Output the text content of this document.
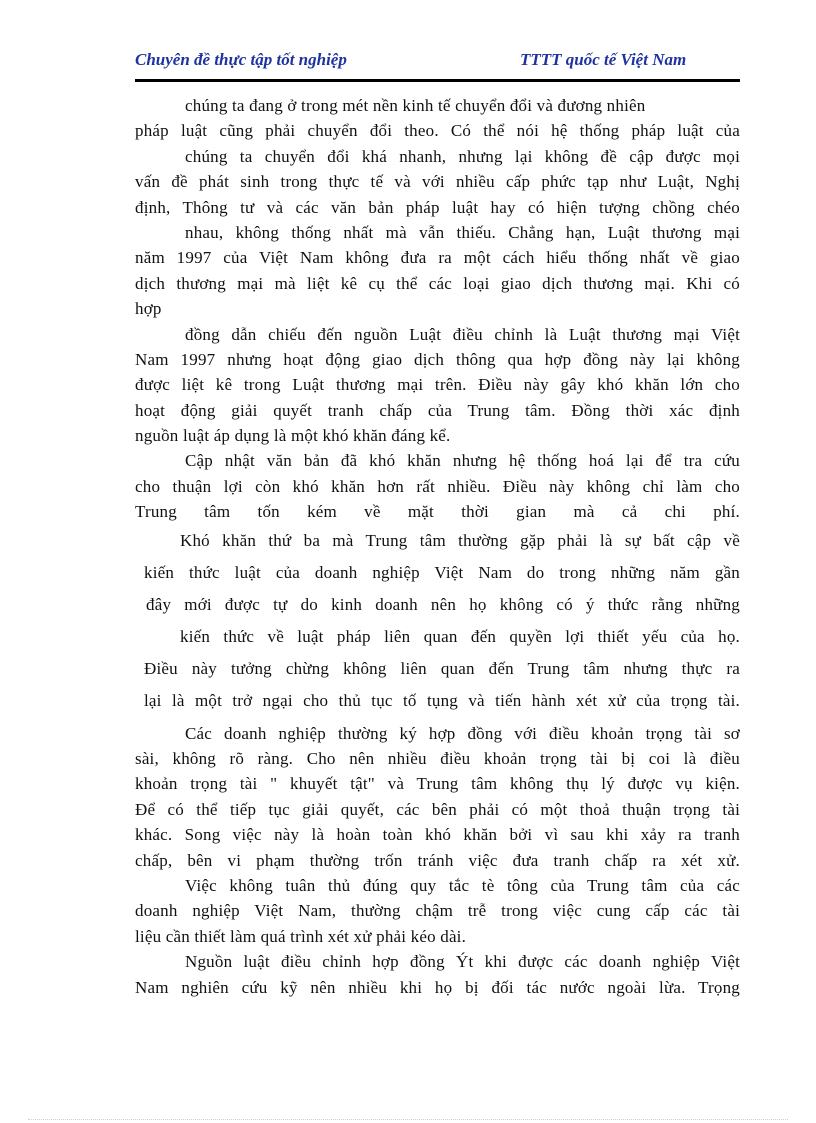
Chuyên đề thực tập tốt nghiệp	TTTT quốc tế Việt Nam
chúng ta đang ở trong mét nền kinh tế chuyển đổi và đương nhiên
pháp luật cũng phải chuyển đổi theo. Có thể nói hệ thống pháp luật của
chúng ta chuyển đổi khá nhanh, nhưng lại không đề cập được mọi
vấn đề phát sinh trong thực tế và với nhiều cấp phức tạp như Luật, Nghị
định, Thông tư và các văn bản pháp luật hay có hiện tượng chồng chéo
nhau, không thống nhất mà vẫn thiếu. Chẳng hạn, Luật thương mại
năm 1997 của Việt Nam không đưa ra một cách hiểu thống nhất về giao
dịch thương mại mà liệt kê cụ thể các loại giao dịch thương mại. Khi có
hợp
đồng dẫn chiếu đến nguồn Luật điều chỉnh là Luật thương mại Việt
Nam 1997 nhưng hoạt động giao dịch thông qua hợp đồng này lại không
được liệt kê trong Luật thương mại trên. Điều này gây khó khăn lớn cho
hoạt động giải quyết tranh chấp của Trung tâm. Đồng thời xác định
nguồn luật áp dụng là một khó khăn đáng kể.
Cập nhật văn bản đã khó khăn nhưng hệ thống hoá lại để tra cứu
cho thuận lợi còn khó khăn hơn rất nhiều. Điều này không chỉ làm cho
Trung tâm tốn kém về mặt thời gian mà cả chi phí.
Khó khăn thứ ba mà Trung tâm thường gặp phải là sự bất cập về
kiến thức luật của doanh nghiệp Việt Nam do trong những năm gần
đây mới được tự do kinh doanh nên họ không có ý thức rằng những
kiến thức về luật pháp liên quan đến quyền lợi thiết yếu của họ.
Điều này tưởng chừng không liên quan đến Trung tâm nhưng thực ra
lại là một trở ngại cho thủ tục tố tụng và tiến hành xét xử của trọng tài.
Các doanh nghiệp thường ký hợp đồng với điều khoản trọng tài sơ
sài, không rõ ràng. Cho nên nhiều điều khoản trọng tài bị coi là điều
khoản trọng tài " khuyết tật" và Trung tâm không thụ lý được vụ kiện.
Để có thể tiếp tục giải quyết, các bên phải có một thoả thuận trọng tài
khác. Song việc này là hoàn toàn khó khăn bởi vì sau khi xảy ra tranh
chấp, bên vi phạm thường trốn tránh việc đưa tranh chấp ra xét xử.
Việc không tuân thủ đúng quy tắc tè tông của Trung tâm của các
doanh nghiệp Việt Nam, thường chậm trễ trong việc cung cấp các tài
liệu cần thiết làm quá trình xét xử phải kéo dài.
Nguồn luật điều chỉnh hợp đồng Ýt khi được các doanh nghiệp Việt
Nam nghiên cứu kỹ nên nhiều khi họ bị đối tác nước ngoài lừa. Trọng
